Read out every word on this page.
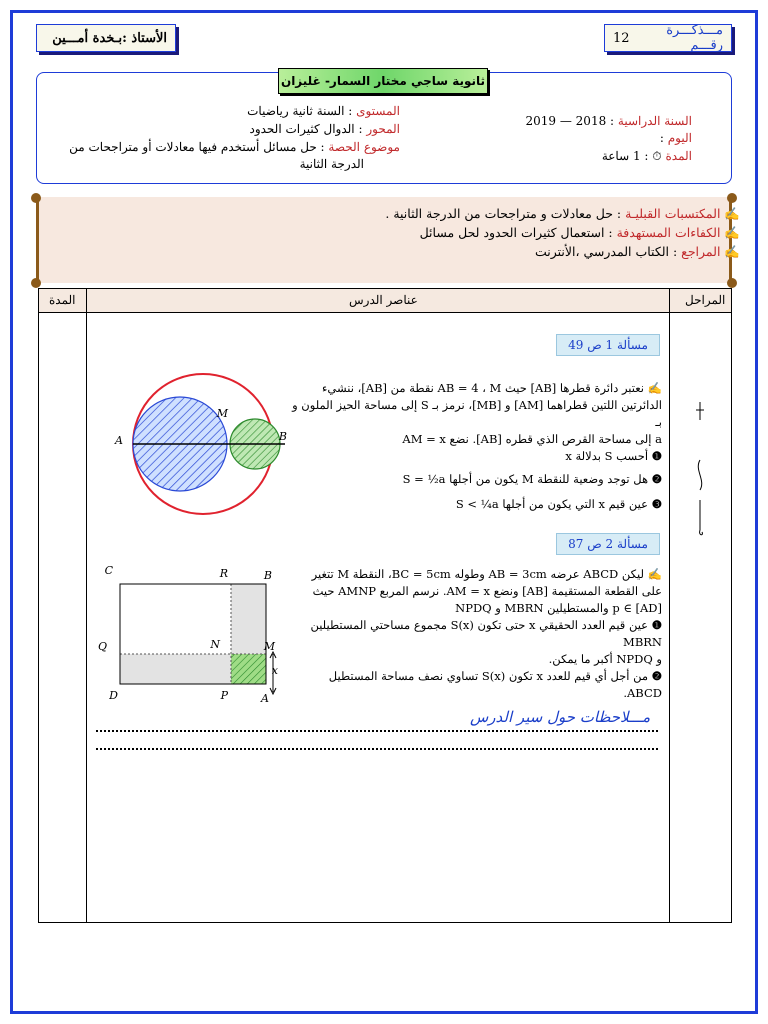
مـــذكـــرة رقـــم

12
الأستاذ :بـخدة أمـــين
ثانوية ساجي مختار السمار- غليزان
المستوى : السنة ثانية رياضيات
المحور : الدوال كثيرات الحدود
موضوع الحصة : حل مسائل أستخدم فيها معادلات أو متراجحات من
الدرجة الثانية
السنة الدراسية : 2018 — 2019
اليوم :
المدة ⏱ : 1 ساعة
✍ المكتسبات القبليـة : حل معادلات و متراجحات من الدرجة الثانية .
✍ الكفاءات المستهدفة : استعمال كثيرات الحدود لحل مسائل
✍ المراجع : الكتاب المدرسي ،الأنترنت
المراحل
عناصر الدرس
المدة
مسألة 1 ص 49
A
M
B
✍ نعتبر دائرة قطرها [AB] حيث AB = 4 ، M نقطة من [AB]، ننشيء
الدائرتين اللتين قطراهما [AM] و [MB]، نرمز بـ S إلى مساحة الحيز الملون و بـ
a إلى مساحة القرص الذي قطره [AB]. نضع AM = x
❶ أحسب S بدلالة x
❷ هل توجد وضعية للنقطة M يكون من أجلها S = ½a
❸ عين قيم x التي يكون من أجلها S < ¼a
مسألة 2 ص 87
C	R	B
Q	N	M
D	P	A
x
✍ ليكن ABCD عرضه AB = 3cm وطوله BC = 5cm، النقطة M تتغير
على القطعة المستقيمة [AB] ونضع AM = x. نرسم المربع AMNP حيث
p ∈ [AD] والمستطيلين MBRN و NPDQ
❶ عين قيم العدد الحقيقي x حتى تكون S(x) مجموع مساحتي المستطيلين MBRN
و NPDQ أكبر ما يمكن.
❷ من أجل أي قيم للعدد x تكون S(x) تساوي نصف مساحة المستطيل
ABCD.
مـــلاحظات حول سير الدرس
